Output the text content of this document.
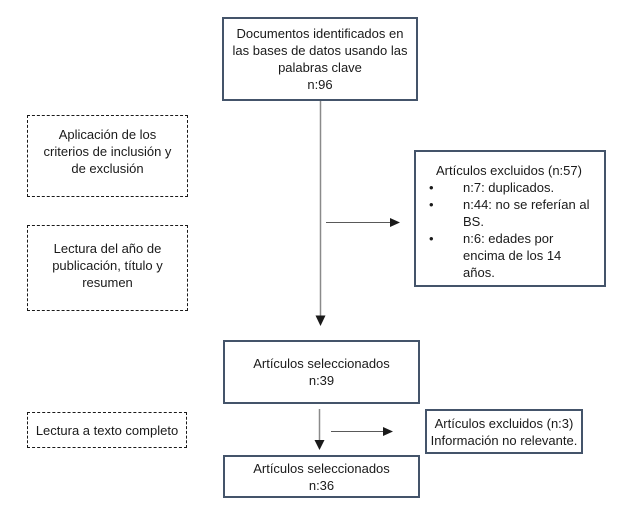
Documentos identificados en
las bases de datos usando las
palabras clave
n:96
Aplicación de los
criterios de inclusión y
de exclusión
Lectura del año de
publicación, título y
resumen
Artículos excluidos (n:57)
•	n:7: duplicados.
•	n:44: no se referían al BS.
•	n:6: edades por encima de los 14 años.
Artículos seleccionados
n:39
Lectura a texto completo	Artículos excluidos (n:3)
Información no relevante.
Artículos seleccionados
n:36
